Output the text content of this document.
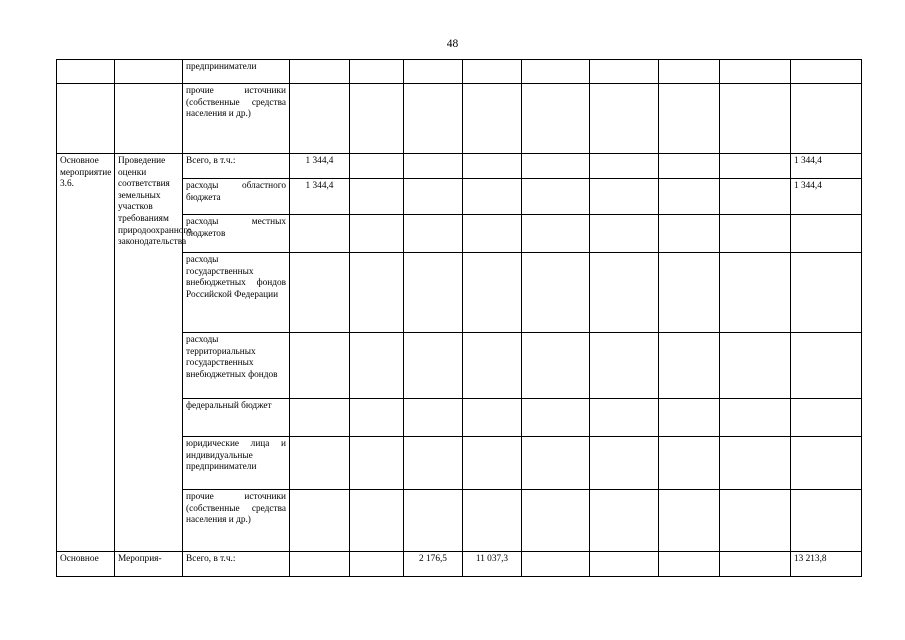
48
		предприниматели									
		прочие источники (собственные средства населения и др.)									
Основное мероприятие 3.6.	Проведение оценки соответствия земельных участков требованиям природоохранного законодательства	Всего, в т.ч.:	1 344,4								1 344,4
		расходы областного бюджета	1 344,4								1 344,4
		расходы местных бюджетов									
		расходы государственных внебюджетных фондов Российской Федерации									
		расходы территориальных государственных внебюджетных фондов									
		федеральный бюджет									
		юридические лица и индивидуальные предприниматели									
		прочие источники (собственные средства населения и др.)									
Основное	Мероприя-	Всего, в т.ч.:			2 176,5	11 037,3					13 213,8
